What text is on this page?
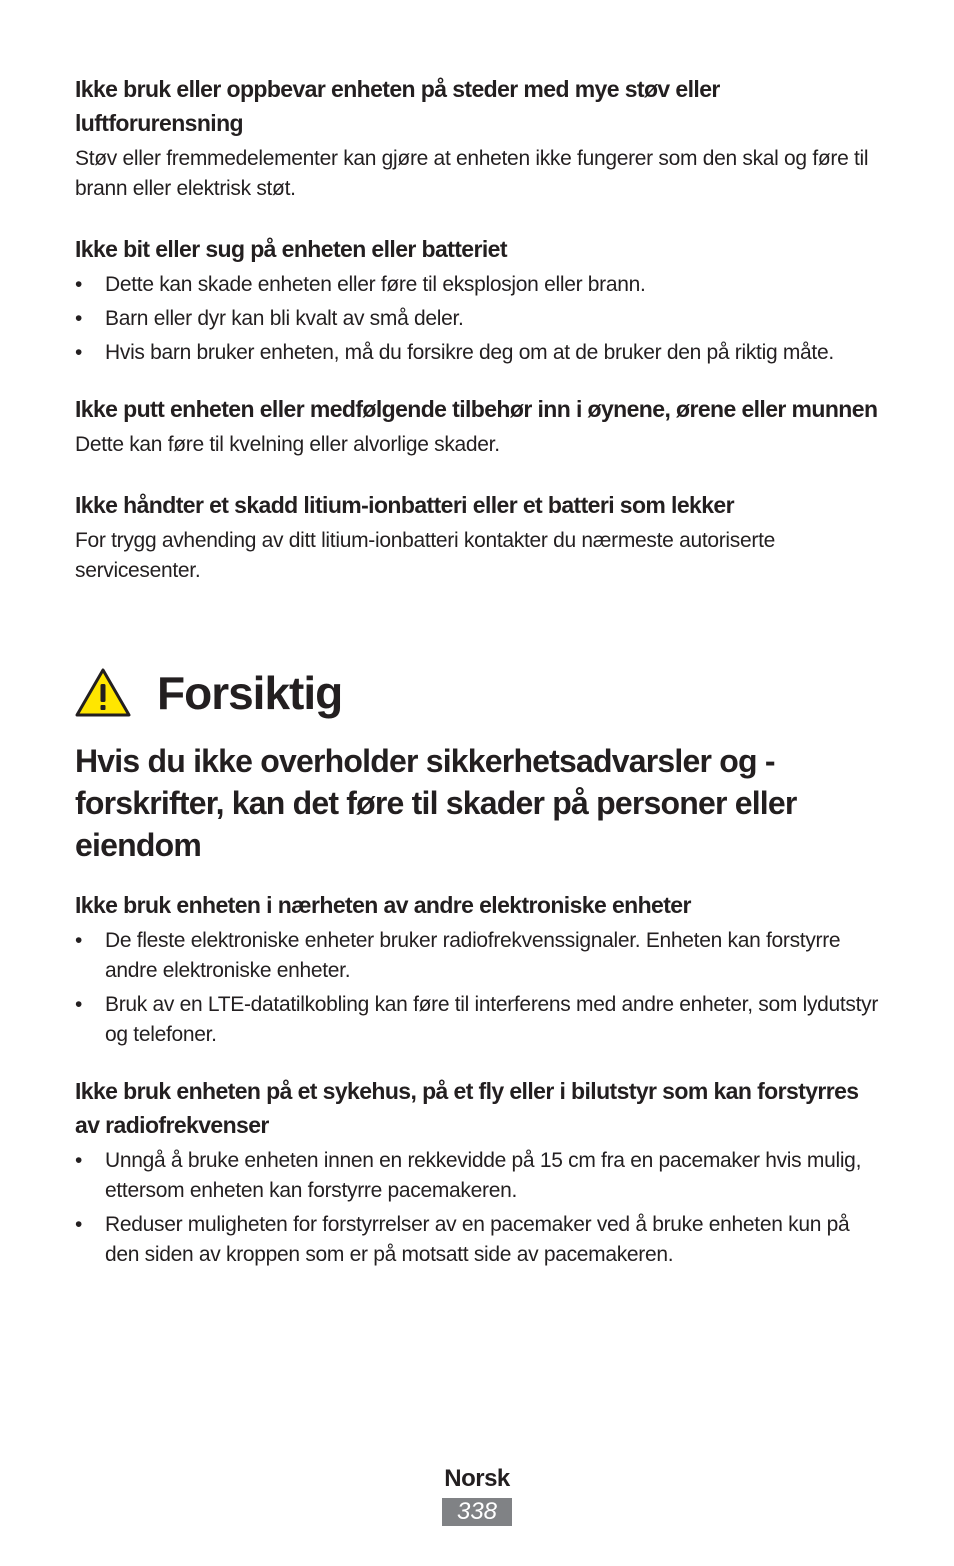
Ikke bruk eller oppbevar enheten på steder med mye støv eller luftforurensning

Støv eller fremmedelementer kan gjøre at enheten ikke fungerer som den skal og føre til brann eller elektrisk støt.

Ikke bit eller sug på enheten eller batteriet
• Dette kan skade enheten eller føre til eksplosjon eller brann.
• Barn eller dyr kan bli kvalt av små deler.
• Hvis barn bruker enheten, må du forsikre deg om at de bruker den på riktig måte.
Ikke putt enheten eller medfølgende tilbehør inn i øynene, ørene eller munnen

Dette kan føre til kvelning eller alvorlige skader.

Ikke håndter et skadd litium-ionbatteri eller et batteri som lekker

For trygg avhending av ditt litium-ionbatteri kontakter du nærmeste autoriserte servicesenter.

Forsiktig
Hvis du ikke overholder sikkerhetsadvarsler og -forskrifter, kan det føre til skader på personer eller eiendom
Ikke bruk enheten i nærheten av andre elektroniske enheter
• De fleste elektroniske enheter bruker radiofrekvenssignaler. Enheten kan forstyrre andre elektroniske enheter.
• Bruk av en LTE-datatilkobling kan føre til interferens med andre enheter, som lydutstyr og telefoner.
Ikke bruk enheten på et sykehus, på et fly eller i bilutstyr som kan forstyrres av radiofrekvenser
• Unngå å bruke enheten innen en rekkevidde på 15 cm fra en pacemaker hvis mulig, ettersom enheten kan forstyrre pacemakeren.
• Reduser muligheten for forstyrrelser av en pacemaker ved å bruke enheten kun på den siden av kroppen som er på motsatt side av pacemakeren.
Norsk
338
